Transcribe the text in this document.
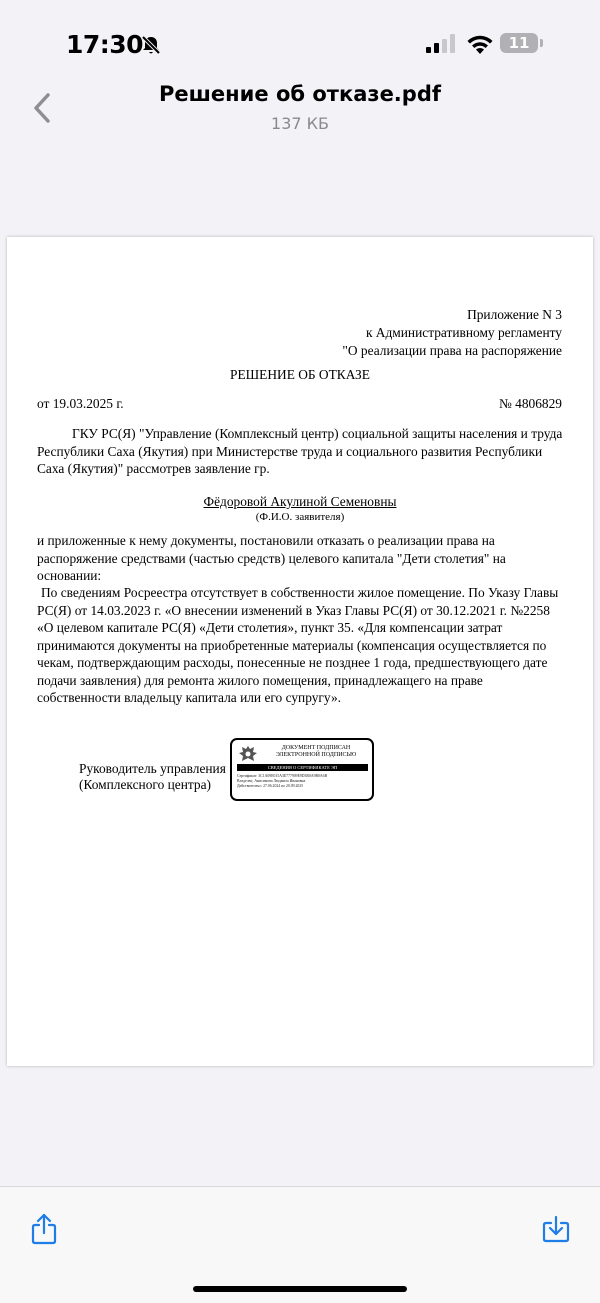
17:30	11
Решение об отказе.pdf
137 КБ
Приложение N 3
к Административному регламенту
"О реализации права на распоряжение
РЕШЕНИЕ ОБ ОТКАЗЕ
от 19.03.2025 г.	№ 4806829
ГКУ РС(Я) "Управление (Комплексный центр) социальной защиты населения и труда Республики Саха (Якутия) при Министерстве труда и социального развития Республики Саха (Якутия)" рассмотрев заявление гр.
Фёдоровой Акулиной Семеновны
(Ф.И.О. заявителя)
и приложенные к нему документы, постановили отказать о реализации права на распоряжение средствами (частью средств) целевого капитала "Дети столетия" на основании:
По сведениям Росреестра отсутствует в собственности жилое помещение. По Указу Главы РС(Я) от 14.03.2023 г. «О внесении изменений в Указ Главы РС(Я) от 30.12.2021 г. №2258 «О целевом капитале РС(Я) «Дети столетия», пункт 35. «Для компенсации затрат принимаются документы на приобретенные материалы (компенсация осуществляется по чекам, подтверждающим расходы, понесенные не позднее 1 года, предшествующего дате подачи заявления) для ремонта жилого помещения, принадлежащего на праве собственности владельцу капитала или его супругу».
Руководитель управления
(Комплексного центра)
ДОКУМЕНТ ПОДПИСАН
ЭЛЕКТРОННОЙ ПОДПИСЬЮ
СВЕДЕНИЯ О СЕРТИФИКАТЕ ЭП
Сертификат: 3C1A09E015A3E777909E9D3B0A9B0A6B
Владелец: Анисимова Людмила Ивановна
Действителен с 27.06.2024 по 20.09.2025
